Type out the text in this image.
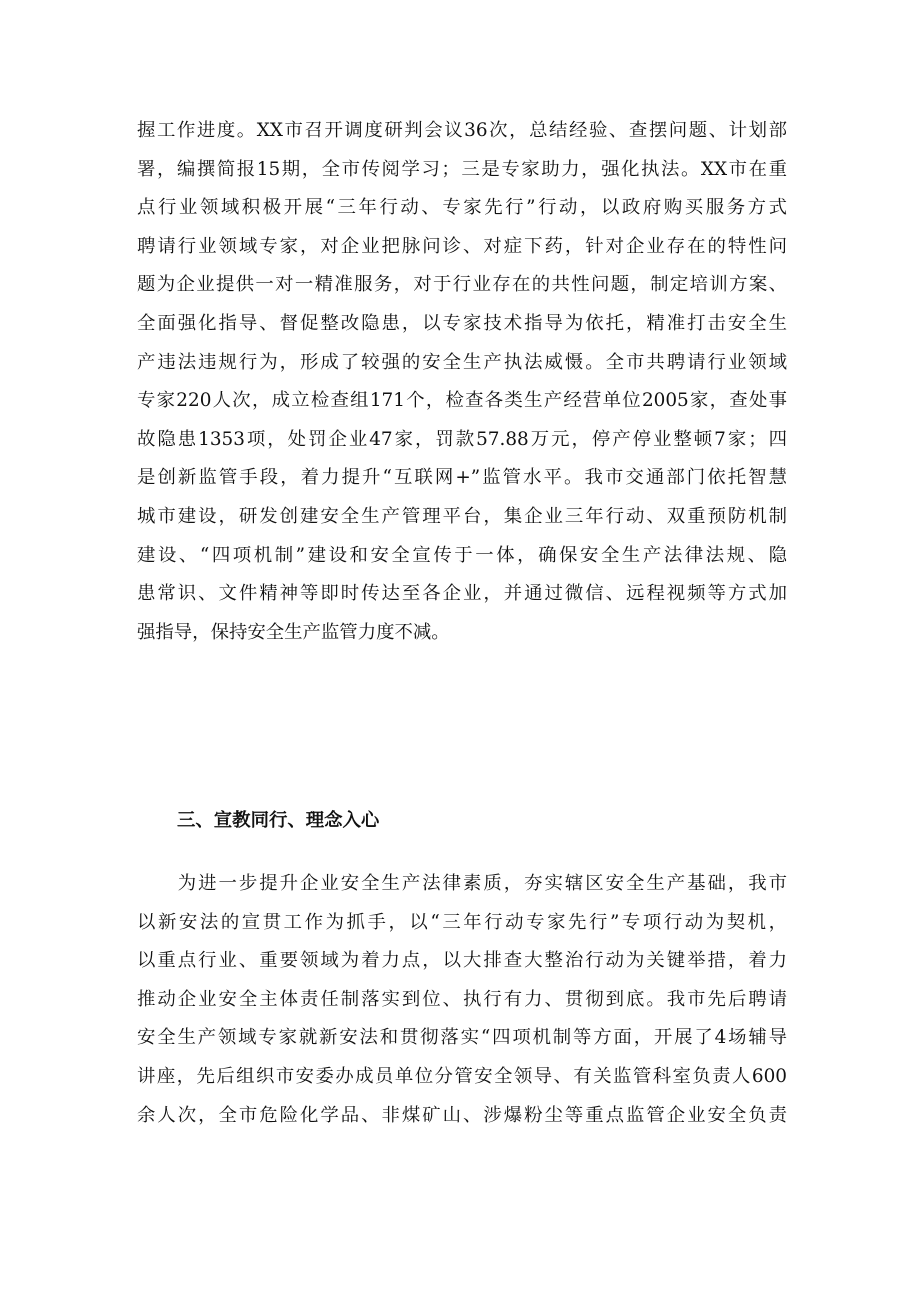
握工作进度。XX市召开调度研判会议36次，总结经验、查摆问题、计划部
署，编撰简报15期，全市传阅学习；三是专家助力，强化执法。XX市在重
点行业领域积极开展“三年行动、专家先行”行动，以政府购买服务方式
聘请行业领域专家，对企业把脉问诊、对症下药，针对企业存在的特性问
题为企业提供一对一精准服务，对于行业存在的共性问题，制定培训方案、
全面强化指导、督促整改隐患，以专家技术指导为依托，精准打击安全生
产违法违规行为，形成了较强的安全生产执法威慑。全市共聘请行业领域
专家220人次，成立检查组171个，检查各类生产经营单位2005家，查处事
故隐患1353项，处罚企业47家，罚款57.88万元，停产停业整顿7家；四
是创新监管手段，着力提升“互联网+”监管水平。我市交通部门依托智慧
城市建设，研发创建安全生产管理平台，集企业三年行动、双重预防机制
建设、“四项机制”建设和安全宣传于一体，确保安全生产法律法规、隐
患常识、文件精神等即时传达至各企业，并通过微信、远程视频等方式加
强指导，保持安全生产监管力度不减。
三、宣教同行、理念入心
　　为进一步提升企业安全生产法律素质，夯实辖区安全生产基础，我市
以新安法的宣贯工作为抓手，以“三年行动专家先行”专项行动为契机，
以重点行业、重要领域为着力点，以大排查大整治行动为关键举措，着力
推动企业安全主体责任制落实到位、执行有力、贯彻到底。我市先后聘请
安全生产领域专家就新安法和贯彻落实“四项机制等方面，开展了4场辅导
讲座，先后组织市安委办成员单位分管安全领导、有关监管科室负责人600
余人次，全市危险化学品、非煤矿山、涉爆粉尘等重点监管企业安全负责
